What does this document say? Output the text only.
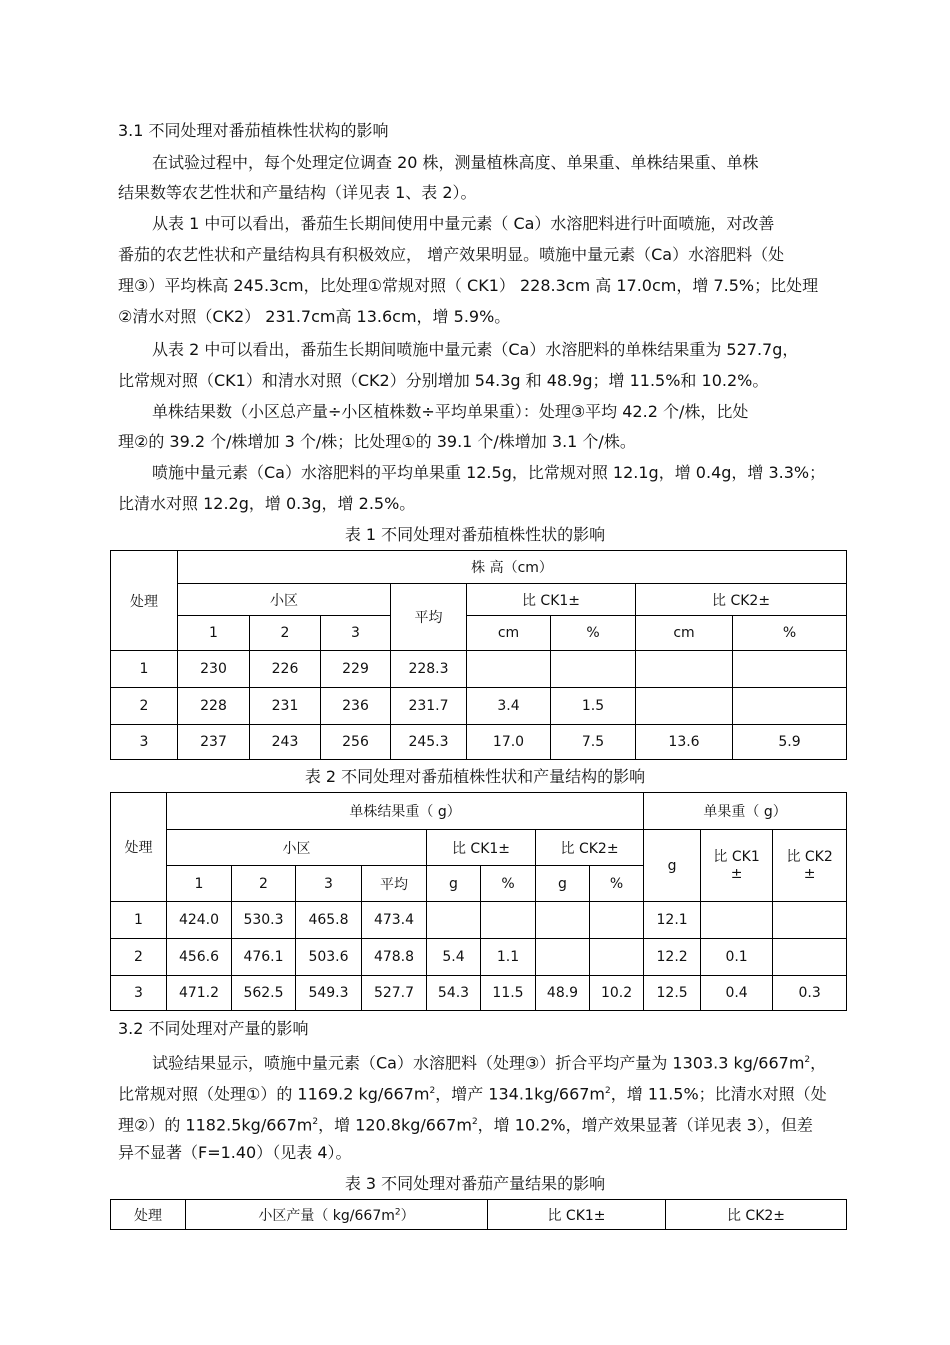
3.1 不同处理对番茄植株性状构的影响
在试验过程中，每个处理定位调查 20 株，测量植株高度、单果重、单株结果重、单株
结果数等农艺性状和产量结构（详见表 1、表 2）。
从表 1 中可以看出，番茄生长期间使用中量元素（ Ca）水溶肥料进行叶面喷施，对改善
番茄的农艺性状和产量结构具有积极效应， 增产效果明显。喷施中量元素（Ca）水溶肥料（处
理③）平均株高 245.3cm，比处理①常规对照（ CK1） 228.3cm 高 17.0cm，增 7.5%；比处理
②清水对照（CK2） 231.7cm高 13.6cm，增 5.9%。
从表 2 中可以看出，番茄生长期间喷施中量元素（Ca）水溶肥料的单株结果重为 527.7g，
比常规对照（CK1）和清水对照（CK2）分别增加 54.3g 和 48.9g；增 11.5%和 10.2%。
单株结果数（小区总产量÷小区植株数÷平均单果重）：处理③平均 42.2 个/株，比处
理②的 39.2 个/株增加 3 个/株；比处理①的 39.1 个/株增加 3.1 个/株。
喷施中量元素（Ca）水溶肥料的平均单果重 12.5g，比常规对照 12.1g，增 0.4g，增 3.3%；
比清水对照 12.2g，增 0.3g，增 2.5%。
表 1 不同处理对番茄植株性状的影响
处理	株 高（cm）							
	小区			平均	比 CK1±		比 CK2±	
	1	2	3		cm	%	cm	%
1	230	226	229	228.3				
2	228	231	236	231.7	3.4	1.5		
3	237	243	256	245.3	17.0	7.5	13.6	5.9
表 2 不同处理对番茄植株性状和产量结构的影响
处理	单株结果重（ g）								单果重（ g）		
	小区				比 CK1±		比 CK2±		g	比 CK1	比 CK2
	1	2	3	平均	g	%	g	%		±	±
1	424.0	530.3	465.8	473.4					12.1		
2	456.6	476.1	503.6	478.8	5.4	1.1			12.2	0.1	
3	471.2	562.5	549.3	527.7	54.3	11.5	48.9	10.2	12.5	0.4	0.3
3.2 不同处理对产量的影响
试验结果显示，喷施中量元素（Ca）水溶肥料（处理③）折合平均产量为 1303.3 $kg/667m^2$，
比常规对照（处理①）的 1169.2 $kg/667m^2$，增产 $134.1kg/667m^2$，增 11.5%；比清水对照（处
理②）的 $1182.5kg/667m^2$，增 $120.8kg/667m^2$，增 10.2%，增产效果显著（详见表 3），但差
异不显著（F=1.40）（见表 4）。
表 3 不同处理对番茄产量结果的影响
处理	小区产量（ $kg/667m^2$）	比 CK1±	比 CK2±
